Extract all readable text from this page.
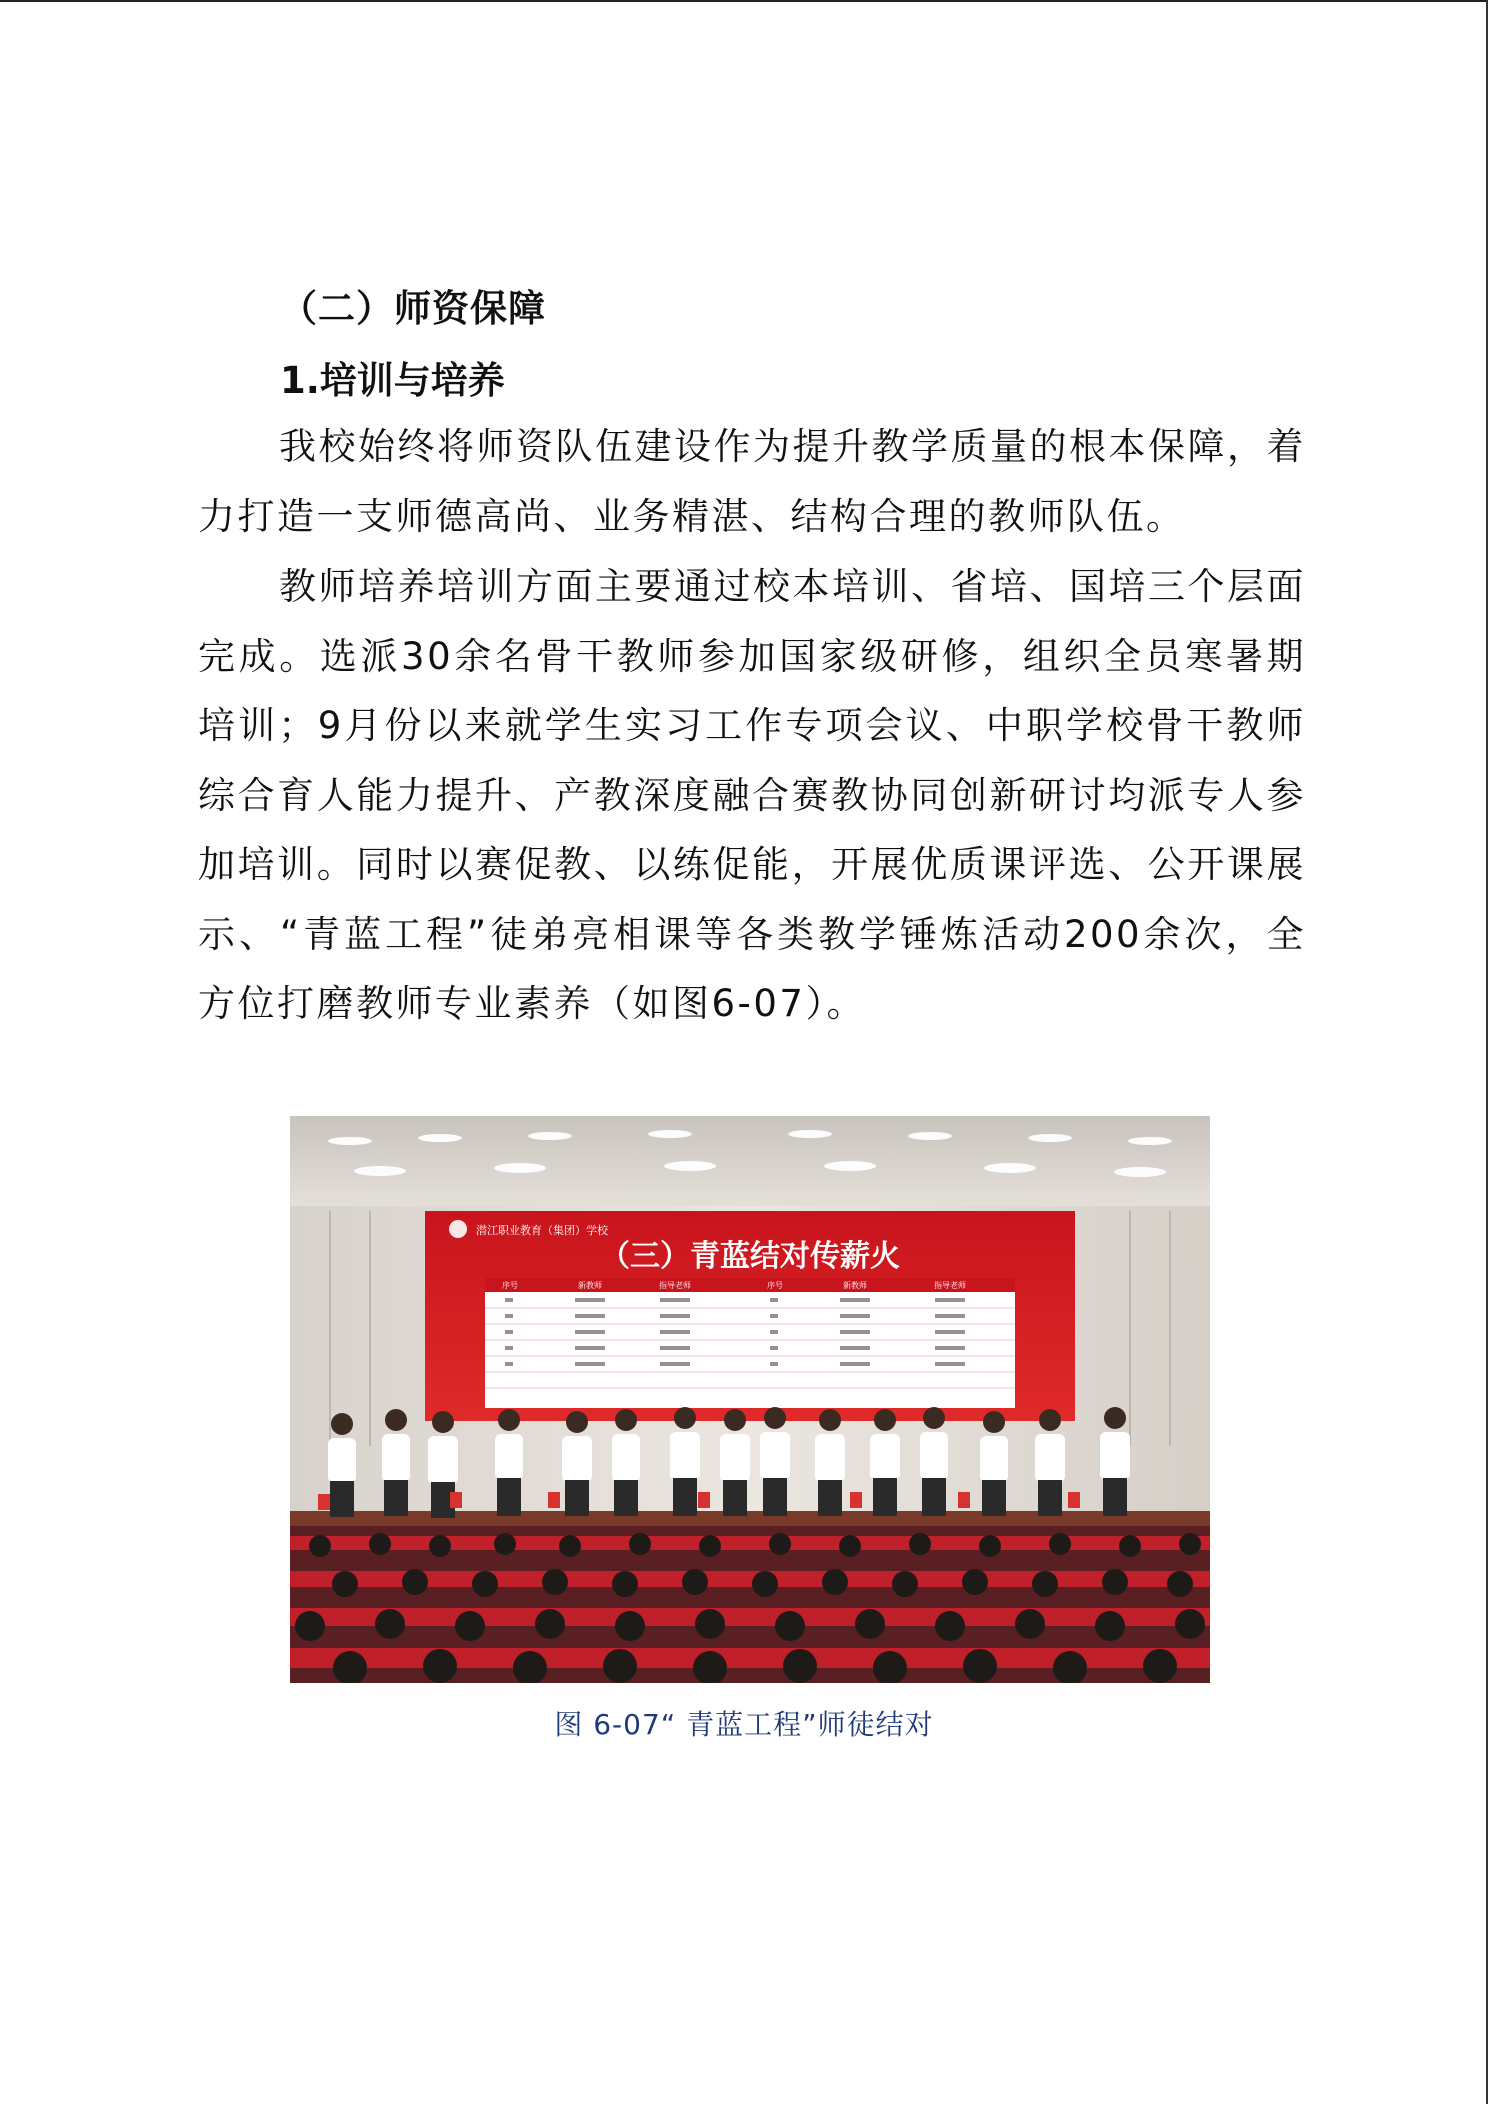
（二）师资保障
1.培训与培养

我校始终将师资队伍建设作为提升教学质量的根本保障，着力打造一支师德高尚、业务精湛、结构合理的教师队伍。

教师培养培训方面主要通过校本培训、省培、国培三个层面完成。选派30余名骨干教师参加国家级研修，组织全员寒暑期培训；9月份以来就学生实习工作专项会议、中职学校骨干教师综合育人能力提升、产教深度融合赛教协同创新研讨均派专人参加培训。同时以赛促教、以练促能，开展优质课评选、公开课展示、“青蓝工程”徒弟亮相课等各类教学锤炼活动200余次，全方位打磨教师专业素养（如图6-07）。

潜江职业教育（集团）学校
（三）青蓝结对传薪火
序号	新教师	指导老师	序号	新教师	指导老师
图 6-07“ 青蓝工程”师徒结对
